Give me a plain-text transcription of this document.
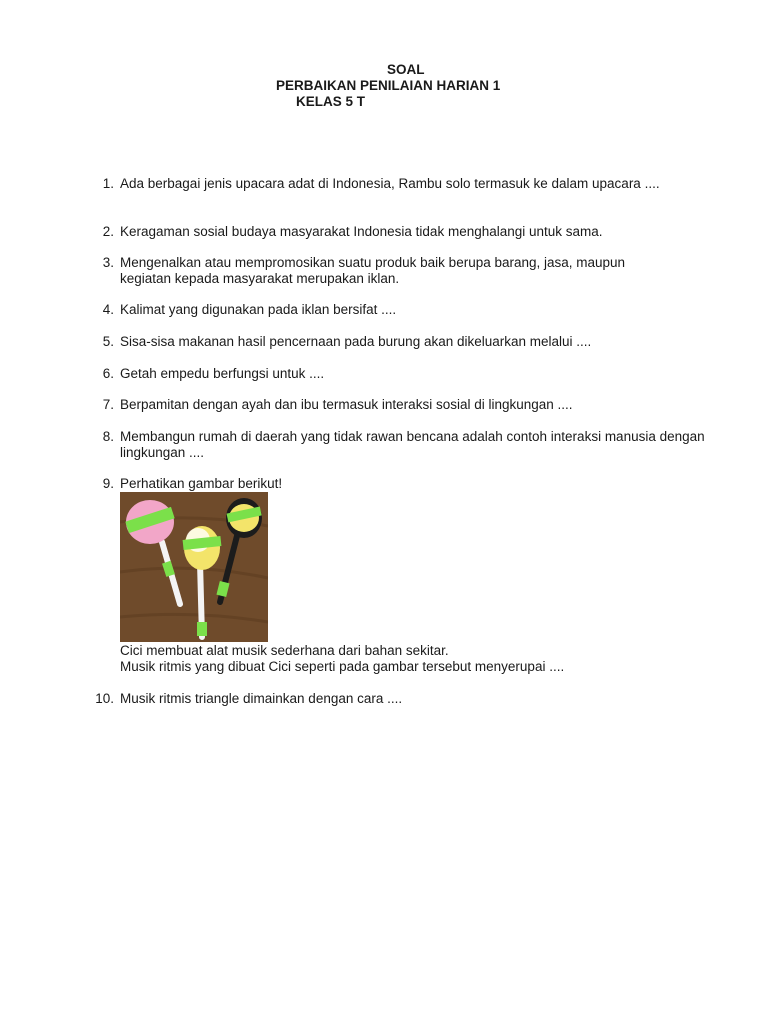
SOAL
PERBAIKAN PENILAIAN HARIAN 1
KELAS 5 T
1. Ada berbagai jenis upacara adat di Indonesia, Rambu solo termasuk ke dalam upacara ....
2. Keragaman sosial budaya masyarakat Indonesia tidak menghalangi untuk sama.
3. Mengenalkan atau mempromosikan suatu produk baik berupa barang, jasa, maupun kegiatan kepada masyarakat merupakan iklan.
4. Kalimat yang digunakan pada iklan bersifat ....
5. Sisa-sisa makanan hasil pencernaan pada burung akan dikeluarkan melalui ....
6. Getah empedu berfungsi untuk ....
7. Berpamitan dengan ayah dan ibu termasuk interaksi sosial di lingkungan ....
8. Membangun rumah di daerah yang tidak rawan bencana adalah contoh interaksi manusia dengan lingkungan ....
9. Perhatikan gambar berikut!
Cici membuat alat musik sederhana dari bahan sekitar.
Musik ritmis yang dibuat Cici seperti pada gambar tersebut menyerupai ....
10. Musik ritmis triangle dimainkan dengan cara ....
